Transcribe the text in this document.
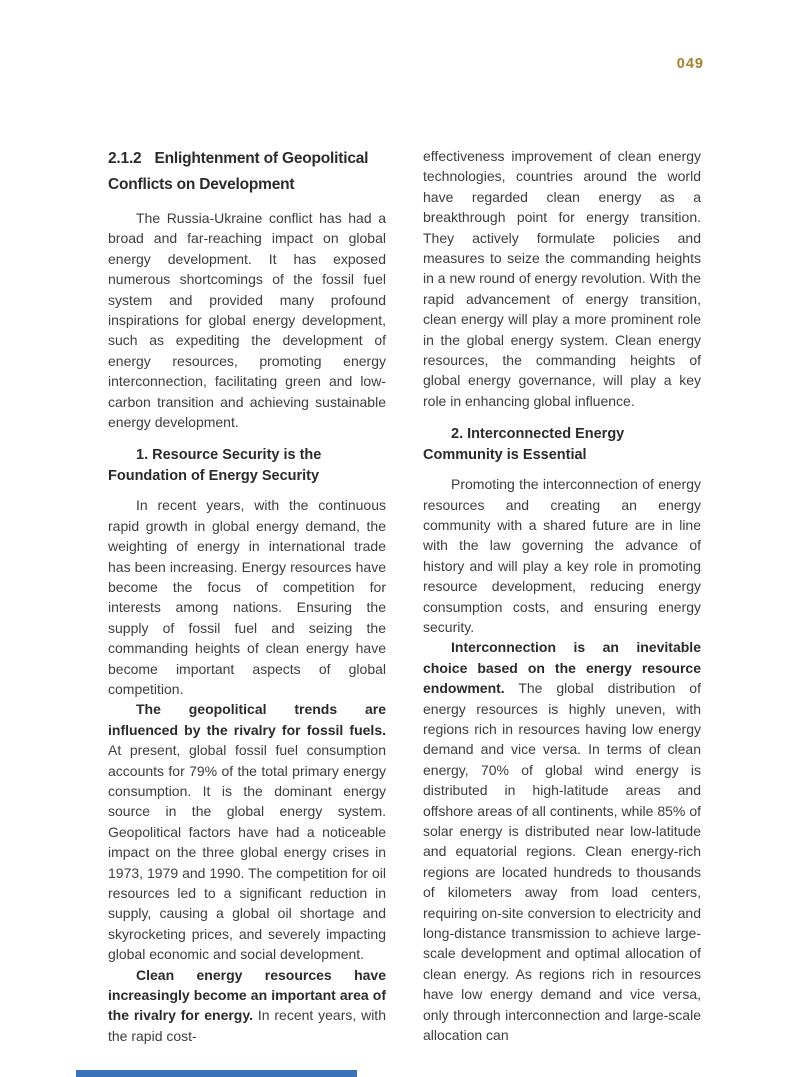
049
2.1.2 Enlightenment of Geopolitical Conflicts on Development

The Russia-Ukraine conflict has had a broad and far-reaching impact on global energy development. It has exposed numerous shortcomings of the fossil fuel system and provided many profound inspirations for global energy development, such as expediting the development of energy resources, promoting energy interconnection, facilitating green and low-carbon transition and achieving sustainable energy development.

1. Resource Security is the Foundation of Energy Security

In recent years, with the continuous rapid growth in global energy demand, the weighting of energy in international trade has been increasing. Energy resources have become the focus of competition for interests among nations. Ensuring the supply of fossil fuel and seizing the commanding heights of clean energy have become important aspects of global competition.

The geopolitical trends are influenced by the rivalry for fossil fuels. At present, global fossil fuel consumption accounts for 79% of the total primary energy consumption. It is the dominant energy source in the global energy system. Geopolitical factors have had a noticeable impact on the three global energy crises in 1973, 1979 and 1990. The competition for oil resources led to a significant reduction in supply, causing a global oil shortage and skyrocketing prices, and severely impacting global economic and social development.

Clean energy resources have increasingly become an important area of the rivalry for energy. In recent years, with the rapid cost-

effectiveness improvement of clean energy technologies, countries around the world have regarded clean energy as a breakthrough point for energy transition. They actively formulate policies and measures to seize the commanding heights in a new round of energy revolution. With the rapid advancement of energy transition, clean energy will play a more prominent role in the global energy system. Clean energy resources, the commanding heights of global energy governance, will play a key role in enhancing global influence.

2. Interconnected Energy Community is Essential

Promoting the interconnection of energy resources and creating an energy community with a shared future are in line with the law governing the advance of history and will play a key role in promoting resource development, reducing energy consumption costs, and ensuring energy security.

Interconnection is an inevitable choice based on the energy resource endowment. The global distribution of energy resources is highly uneven, with regions rich in resources having low energy demand and vice versa. In terms of clean energy, 70% of global wind energy is distributed in high-latitude areas and offshore areas of all continents, while 85% of solar energy is distributed near low-latitude and equatorial regions. Clean energy-rich regions are located hundreds to thousands of kilometers away from load centers, requiring on-site conversion to electricity and long-distance transmission to achieve large-scale development and optimal allocation of clean energy. As regions rich in resources have low energy demand and vice versa, only through interconnection and large-scale allocation can
